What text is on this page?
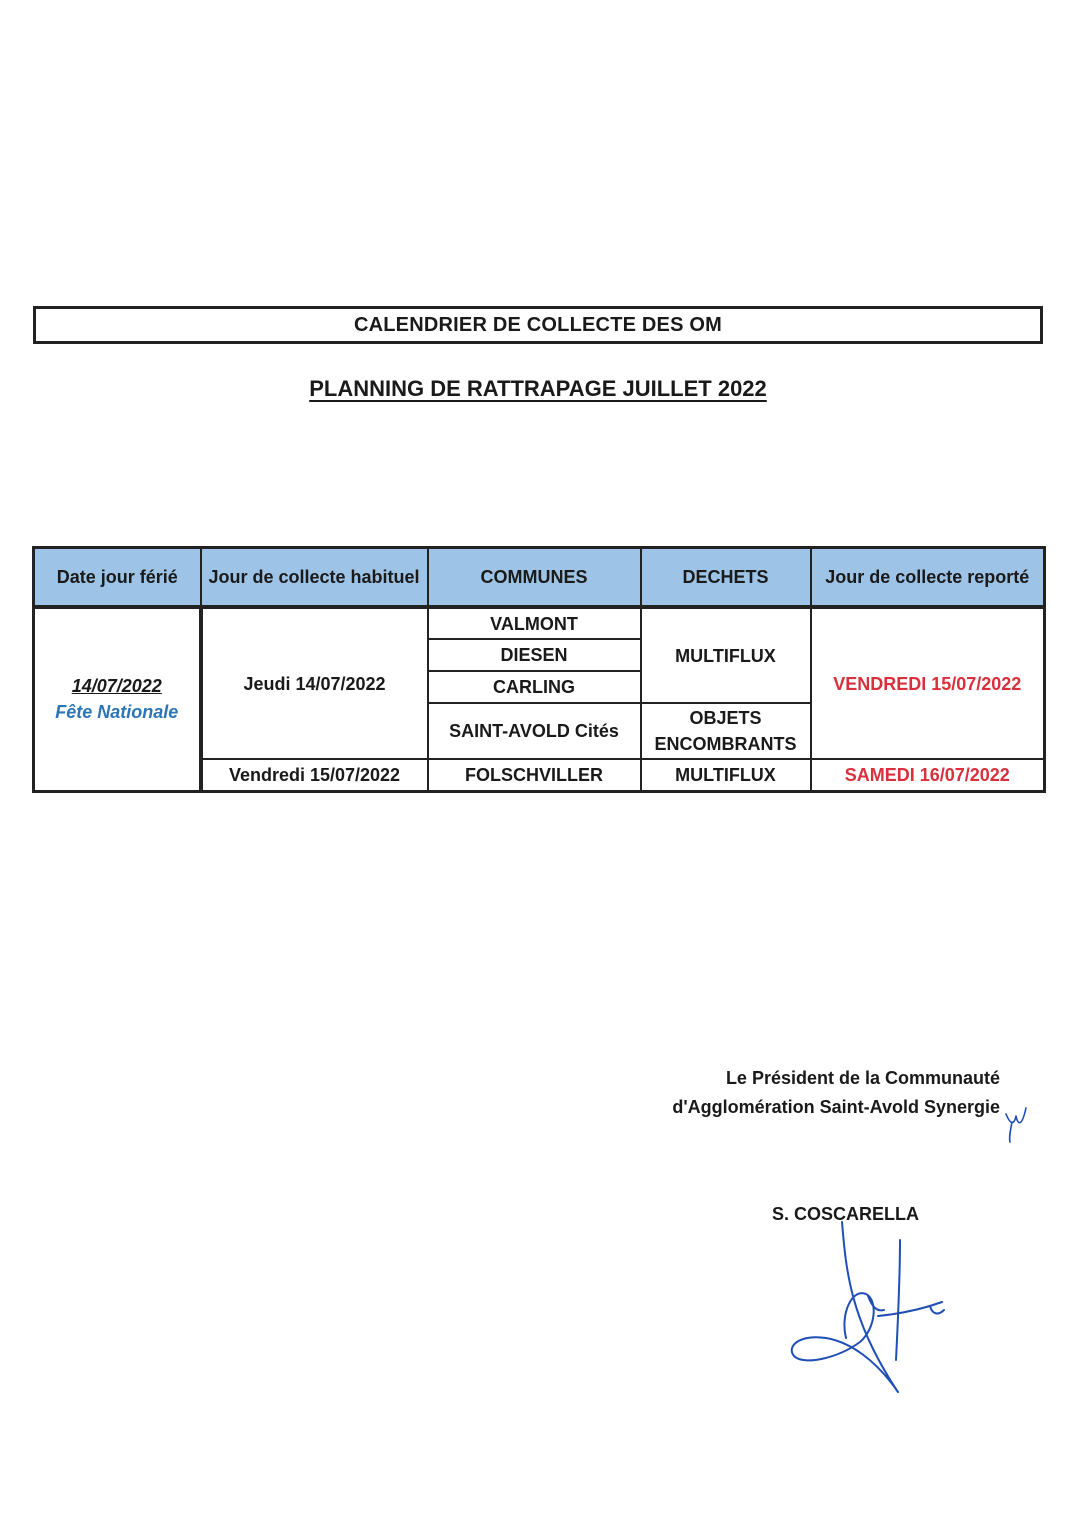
CALENDRIER DE COLLECTE DES OM
PLANNING DE RATTRAPAGE JUILLET 2022
Date jour férié	Jour de collecte habituel	COMMUNES	DECHETS	Jour de collecte reporté

14/07/2022
Fête Nationale	Jeudi 14/07/2022	VALMONT	MULTIFLUX	VENDREDI 15/07/2022
		DIESEN		
		CARLING		
		SAINT-AVOLD Cités	OBJETS ENCOMBRANTS	
	Vendredi 15/07/2022	FOLSCHVILLER	MULTIFLUX	SAMEDI 16/07/2022
Le Président de la Communauté
d'Agglomération Saint-Avold Synergie
S. COSCARELLA
